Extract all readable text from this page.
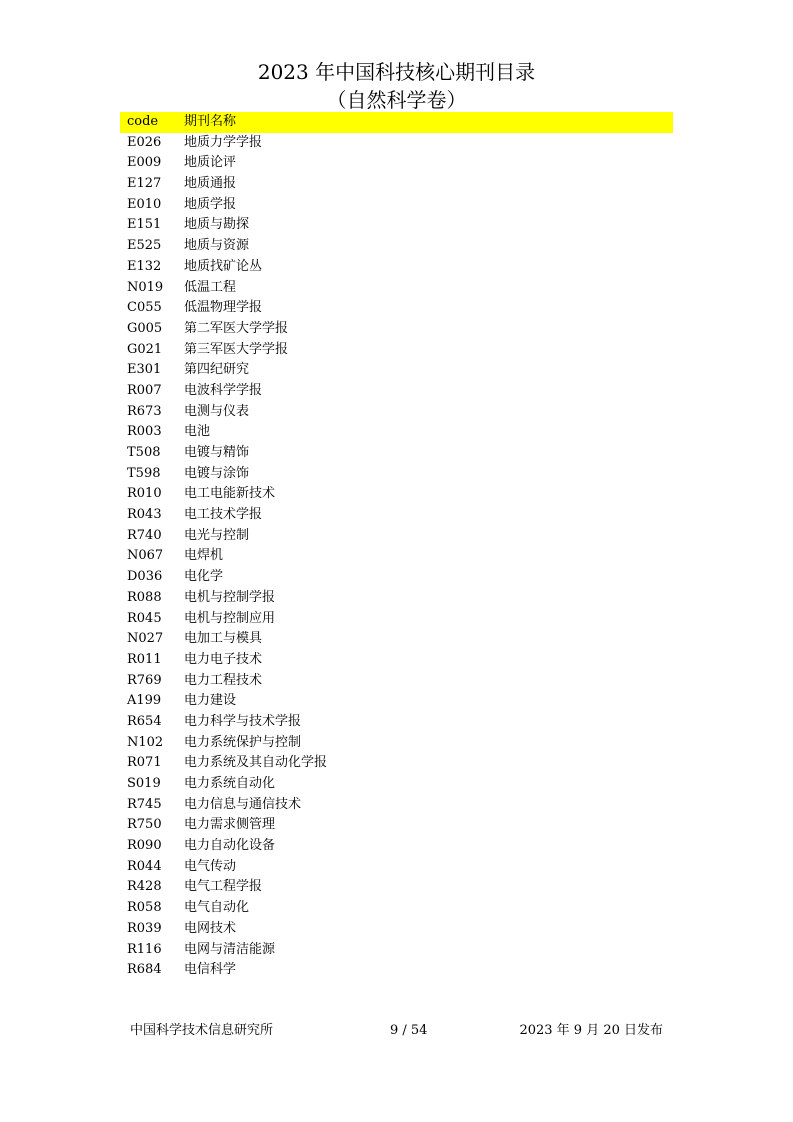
2023 年中国科技核心期刊目录
（自然科学卷）
code 期刊名称
E026 地质力学学报
E009 地质论评
E127 地质通报
E010 地质学报
E151 地质与勘探
E525 地质与资源
E132 地质找矿论丛
N019 低温工程
C055 低温物理学报
G005 第二军医大学学报
G021 第三军医大学学报
E301 第四纪研究
R007 电波科学学报
R673 电测与仪表
R003 电池
T508 电镀与精饰
T598 电镀与涂饰
R010 电工电能新技术
R043 电工技术学报
R740 电光与控制
N067 电焊机
D036 电化学
R088 电机与控制学报
R045 电机与控制应用
N027 电加工与模具
R011 电力电子技术
R769 电力工程技术
A199 电力建设
R654 电力科学与技术学报
N102 电力系统保护与控制
R071 电力系统及其自动化学报
S019 电力系统自动化
R745 电力信息与通信技术
R750 电力需求侧管理
R090 电力自动化设备
R044 电气传动
R428 电气工程学报
R058 电气自动化
R039 电网技术
R116 电网与清洁能源
R684 电信科学
中国科学技术信息研究所	9 / 54	2023 年 9 月 20 日发布
